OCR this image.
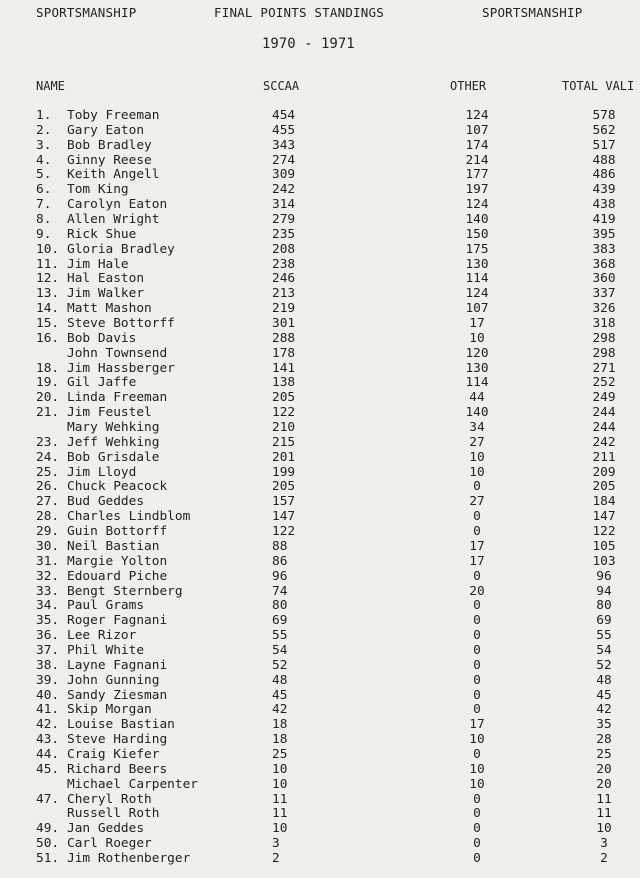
SPORTSMANSHIP	FINAL POINTS STANDINGS	SPORTSMANSHIP
1970 - 1971
NAME	SCCAA	OTHER	TOTAL VALI
1. Toby Freeman	454	124	578
2. Gary Eaton	455	107	562
3. Bob Bradley	343	174	517
4. Ginny Reese	274	214	488
5. Keith Angell	309	177	486
6. Tom King	242	197	439
7. Carolyn Eaton	314	124	438
8. Allen Wright	279	140	419
9. Rick Shue	235	150	395
10. Gloria Bradley	208	175	383
11. Jim Hale	238	130	368
12. Hal Easton	246	114	360
13. Jim Walker	213	124	337
14. Matt Mashon	219	107	326
15. Steve Bottorff	301	17	318
16. Bob Davis	288	10	298
John Townsend	178	120	298
18. Jim Hassberger	141	130	271
19. Gil Jaffe	138	114	252
20. Linda Freeman	205	44	249
21. Jim Feustel	122	140	244
Mary Wehking	210	34	244
23. Jeff Wehking	215	27	242
24. Bob Grisdale	201	10	211
25. Jim Lloyd	199	10	209
26. Chuck Peacock	205	0	205
27. Bud Geddes	157	27	184
28. Charles Lindblom	147	0	147
29. Guin Bottorff	122	0	122
30. Neil Bastian	88	17	105
31. Margie Yolton	86	17	103
32. Edouard Piche	96	0	96
33. Bengt Sternberg	74	20	94
34. Paul Grams	80	0	80
35. Roger Fagnani	69	0	69
36. Lee Rizor	55	0	55
37. Phil White	54	0	54
38. Layne Fagnani	52	0	52
39. John Gunning	48	0	48
40. Sandy Ziesman	45	0	45
41. Skip Morgan	42	0	42
42. Louise Bastian	18	17	35
43. Steve Harding	18	10	28
44. Craig Kiefer	25	0	25
45. Richard Beers	10	10	20
Michael Carpenter	10	10	20
47. Cheryl Roth	11	0	11
Russell Roth	11	0	11
49. Jan Geddes	10	0	10
50. Carl Roeger	3	0	3
51. Jim Rothenberger	2	0	2
